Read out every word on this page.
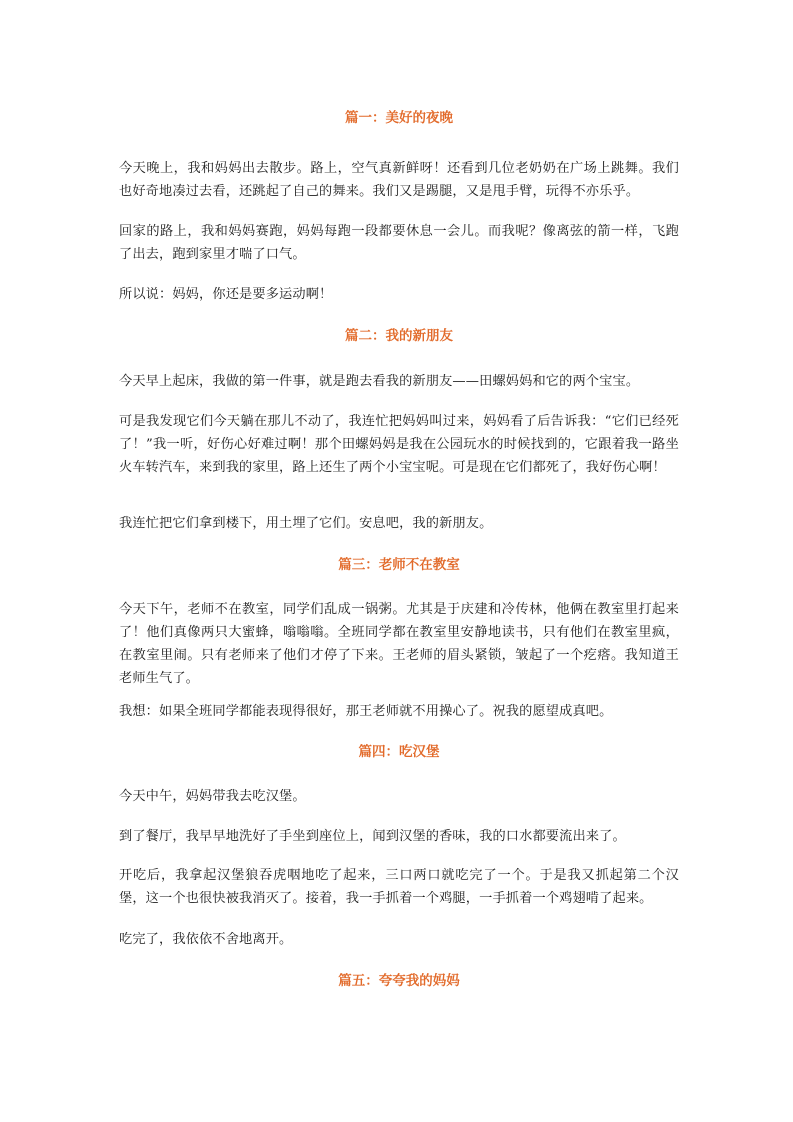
篇一：美好的夜晚

今天晚上，我和妈妈出去散步。路上，空气真新鲜呀！还看到几位老奶奶在广场上跳舞。我们也好奇地凑过去看，还跳起了自己的舞来。我们又是踢腿，又是甩手臂，玩得不亦乐乎。

回家的路上，我和妈妈赛跑，妈妈每跑一段都要休息一会儿。而我呢？像离弦的箭一样，飞跑了出去，跑到家里才喘了口气。

所以说：妈妈，你还是要多运动啊！

篇二：我的新朋友

今天早上起床，我做的第一件事，就是跑去看我的新朋友——田螺妈妈和它的两个宝宝。

可是我发现它们今天躺在那儿不动了，我连忙把妈妈叫过来，妈妈看了后告诉我：“它们已经死了！”我一听，好伤心好难过啊！那个田螺妈妈是我在公园玩水的时候找到的，它跟着我一路坐火车转汽车，来到我的家里，路上还生了两个小宝宝呢。可是现在它们都死了，我好伤心啊！

我连忙把它们拿到楼下，用土埋了它们。安息吧，我的新朋友。

篇三：老师不在教室

今天下午，老师不在教室，同学们乱成一锅粥。尤其是于庆建和冷传林，他俩在教室里打起来了！他们真像两只大蜜蜂，嗡嗡嗡。全班同学都在教室里安静地读书，只有他们在教室里疯，在教室里闹。只有老师来了他们才停了下来。王老师的眉头紧锁，皱起了一个疙瘩。我知道王老师生气了。

我想：如果全班同学都能表现得很好，那王老师就不用操心了。祝我的愿望成真吧。

篇四：吃汉堡

今天中午，妈妈带我去吃汉堡。

到了餐厅，我早早地洗好了手坐到座位上，闻到汉堡的香味，我的口水都要流出来了。

开吃后，我拿起汉堡狼吞虎咽地吃了起来，三口两口就吃完了一个。于是我又抓起第二个汉堡，这一个也很快被我消灭了。接着，我一手抓着一个鸡腿，一手抓着一个鸡翅啃了起来。

吃完了，我依依不舍地离开。

篇五：夸夸我的妈妈
